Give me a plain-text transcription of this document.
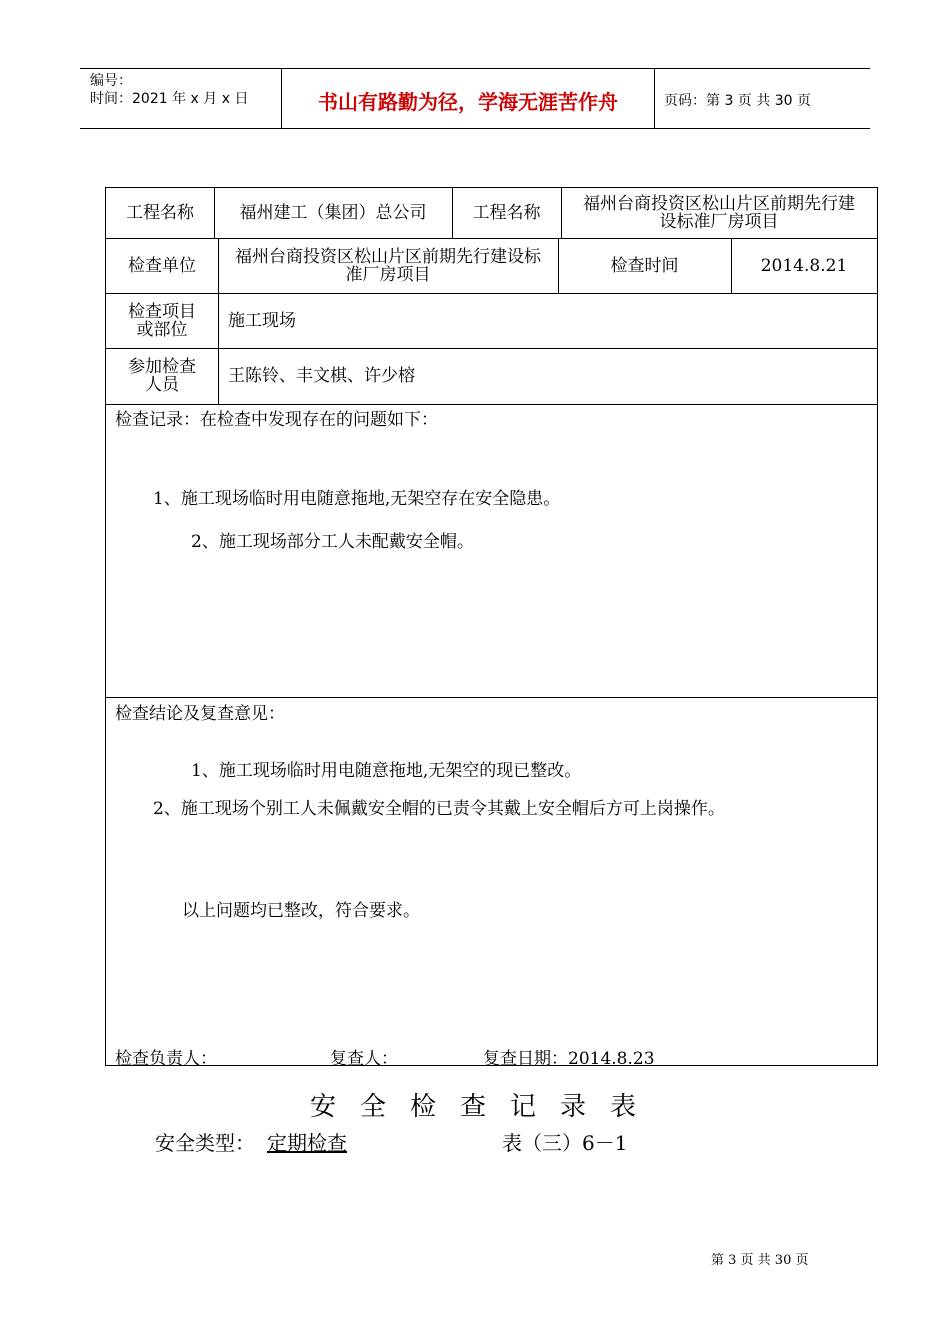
编号：
时间：2021 年 x 月 x 日	书山有路勤为径，学海无涯苦作舟	页码：第 3 页 共 30 页
工程名称	福州建工（集团）总公司	工程名称	福州台商投资区松山片区前期先行建设标准厂房项目
检查单位	福州台商投资区松山片区前期先行建设标准厂房项目	检查时间	2014.8.21
检查项目或部位	施工现场
参加检查人员	王陈铃、丰文棋、许少榕
检查记录：在检查中发现存在的问题如下：
1、施工现场临时用电随意拖地,无架空存在安全隐患。
2、施工现场部分工人未配戴安全帽。
检查结论及复查意见：
1、施工现场临时用电随意拖地,无架空的现已整改。
2、施工现场个别工人未佩戴安全帽的已责令其戴上安全帽后方可上岗操作。
以上问题均已整改，符合要求。
检查负责人：	复查人：	复查日期：2014.8.23
安全检查记录表
安全类型： 定期检查	表（三）6－1
第 3 页 共 30 页
